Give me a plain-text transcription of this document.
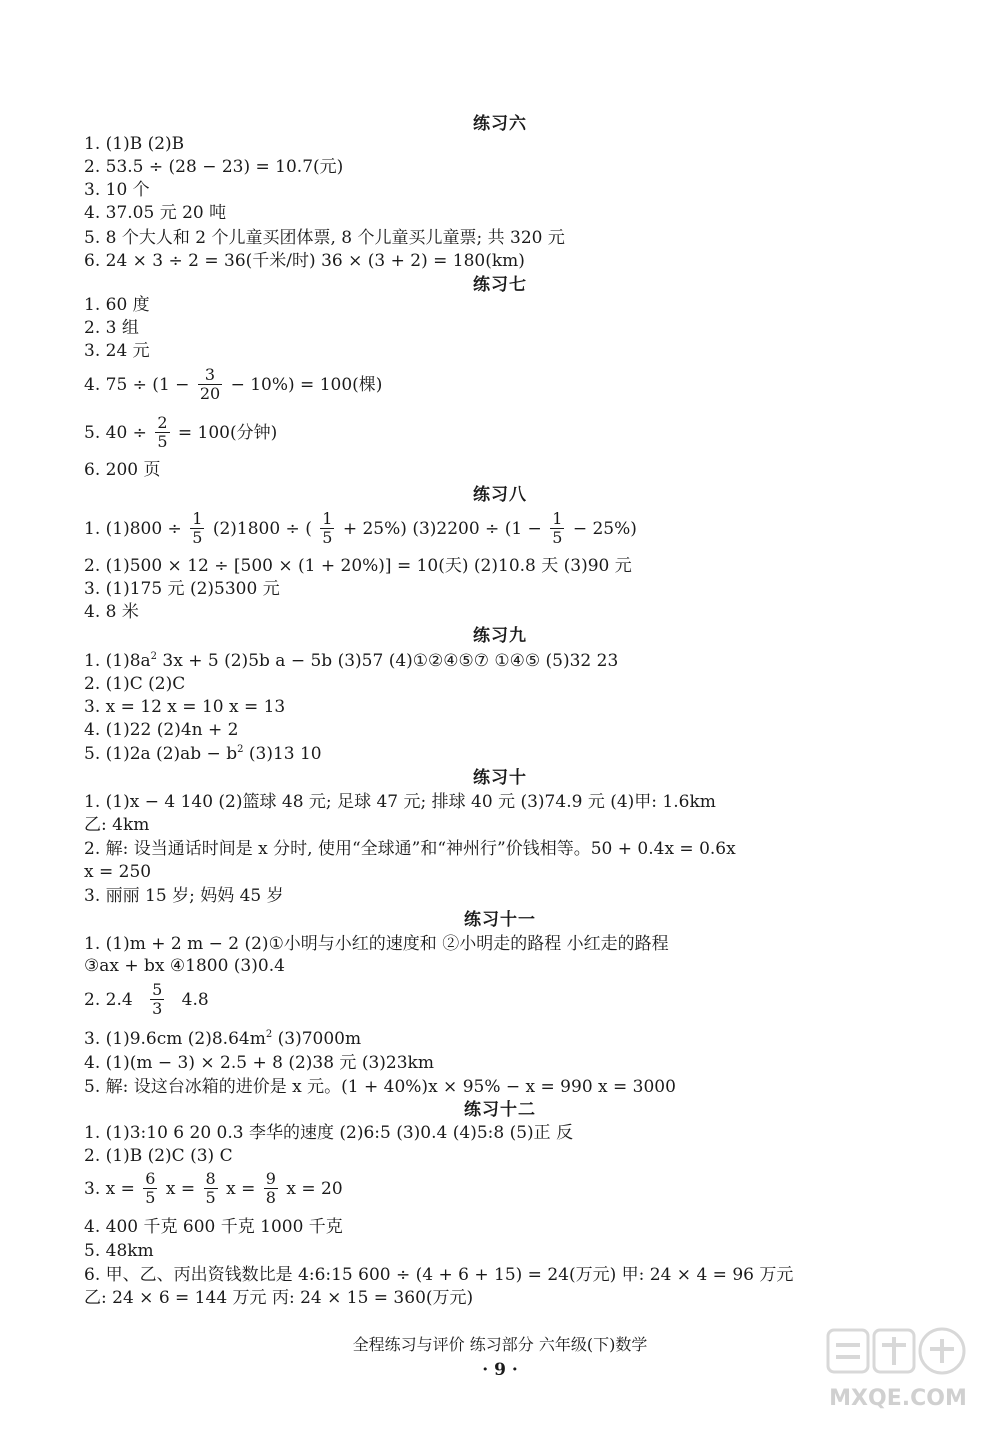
练习六
1. (1)B (2)B
2. 53.5 ÷ (28 − 23) = 10.7(元)
3. 10 个
4. 37.05 元 20 吨
5. 8 个大人和 2 个儿童买团体票, 8 个儿童买儿童票; 共 320 元
6. 24 × 3 ÷ 2 = 36(千米/时) 36 × (3 + 2) = 180(km)
练习七
1. 60 度
2. 3 组
3. 24 元
4. $75 \div (1 - \frac{3}{20} - 10\%) = 100$(棵)
5. $40 \div \frac{2}{5} = 100$(分钟)
6. 200 页
练习八
1. $(1)800 \div \frac{1}{5} (2)1800$ ÷ ( $\frac{1}{5} + 25\%$) $(3)2200 \div (1 - \frac{1}{5} - 25\%)$
2. (1)500 × 12 ÷ [500 × (1 + 20%)] = 10(天) (2)10.8 天 (3)90 元
3. (1)175 元 (2)5300 元
4. 8 米
练习九
1. $(1)8a^2$ 3x + 5 (2)5b a − 5b (3)57 (4)①②④⑤⑦ ①④⑤ (5)32 23
2. (1)C (2)C
3. x = 12 x = 10 x = 13
4. (1)22 (2)4n + 2
5. (1)2a $(2)ab - b^2$ (3)13 10
练习十
1. (1)x − 4 140 (2)篮球 48 元; 足球 47 元; 排球 40 元 (3)74.9 元 (4)甲: 1.6km
乙: 4km
2. 解: 设当通话时间是 x 分时, 使用“全球通”和“神州行”价钱相等。50 + 0.4x = 0.6x
x = 250
3. 丽丽 15 岁; 妈妈 45 岁
练习十一
1. (1)m + 2 m − 2 (2)①小明与小红的速度和 ②小明走的路程 小红走的路程
③ax + bx ④1800 (3)0.4
2. $2.4 \frac{5}{3} 4.8$
3. (1)9.6cm $(2)8.64m^2$ (3)7000m
4. (1)(m − 3) × 2.5 + 8 (2)38 元 (3)23km
5. 解: 设这台冰箱的进价是 x 元。(1 + 40%)x × 95% − x = 990 x = 3000
练习十二
1. (1)3:10 6 20 0.3 李华的速度 (2)6:5 (3)0.4 (4)5:8 (5)正 反
2. (1)B (2)C (3) C
3. $x = \frac{6}{5}$ $x = \frac{8}{5}$ $x = \frac{9}{8}$ x = 20
4. 400 千克 600 千克 1000 千克
5. 48km
6. 甲、乙、丙出资钱数比是 4:6:15 600 ÷ (4 + 6 + 15) = 24(万元) 甲: 24 × 4 = 96 万元
乙: 24 × 6 = 144 万元 丙: 24 × 15 = 360(万元)
全程练习与评价 练习部分 六年级(下)数学
· 9 ·
MXQE.COM
